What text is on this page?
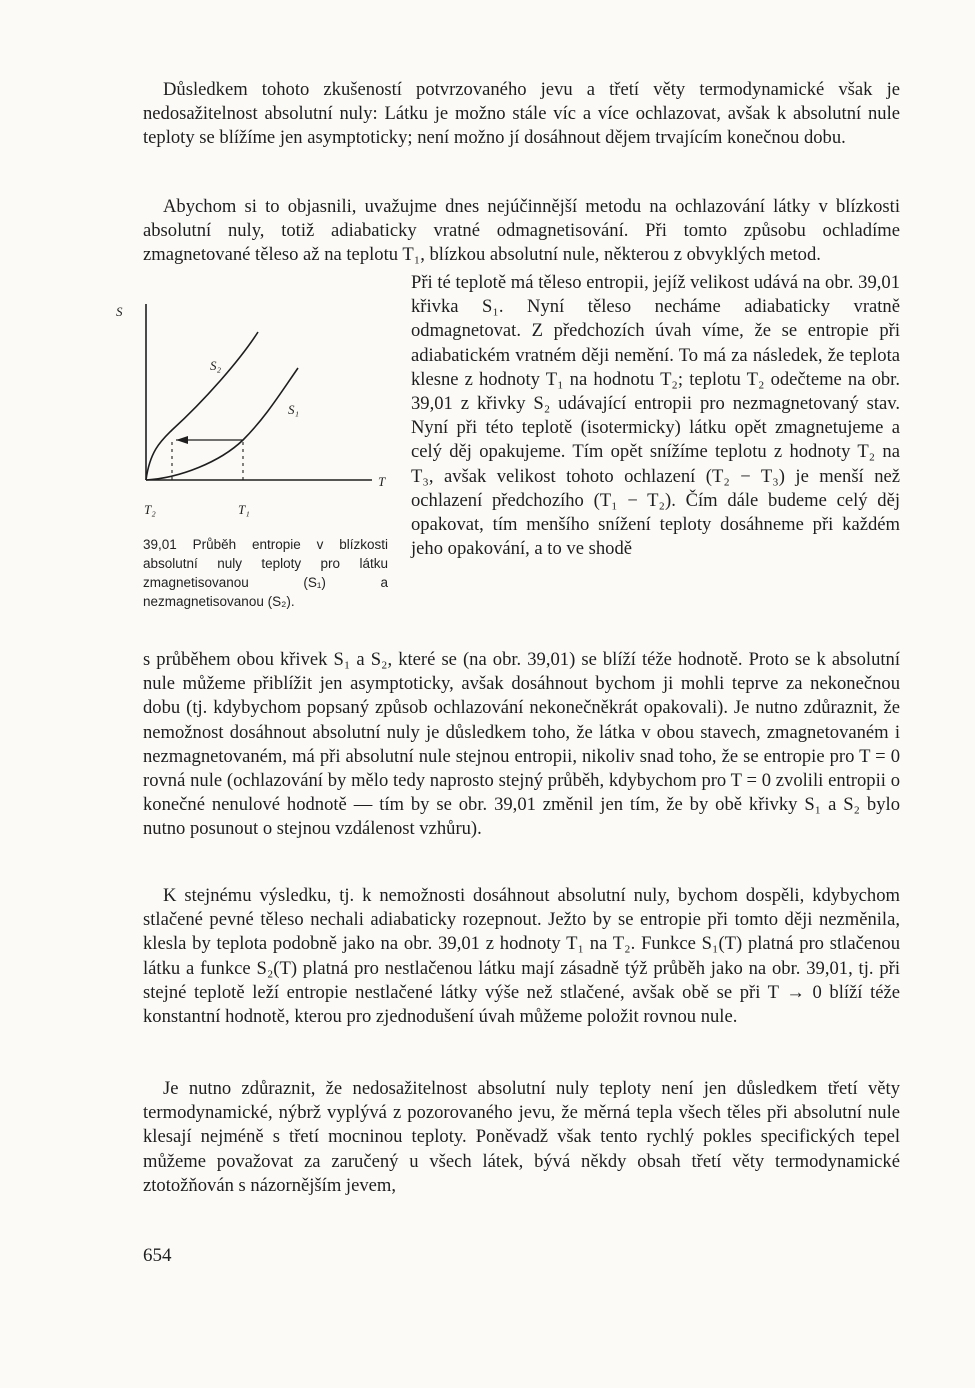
Důsledkem tohoto zkušeností potvrzovaného jevu a třetí věty termodynamické však je nedosažitelnost absolutní nuly: Látku je možno stále víc a více ochlazovat, avšak k absolutní nule teploty se blížíme jen asymptoticky; není možno jí dosáhnout dějem trvajícím konečnou dobu.

Abychom si to objasnili, uvažujme dnes nejúčinnější metodu na ochlazování látky v blízkosti absolutní nuly, totiž adiabaticky vratné odmagnetisování. Při tomto způsobu ochladíme zmagnetované těleso až na teplotu T₁, blízkou absolutní nule, některou z obvyklých metod.

Při té teplotě má těleso entropii, jejíž velikost udává na obr. 39,01 křivka S₁. Nyní těleso necháme adiabaticky vratně odmagnetovat. Z předchozích úvah víme, že se entropie při adiabatickém vratném ději nemění. To má za následek, že teplota klesne z hodnoty T₁ na hodnotu T₂; teplotu T₂ odečteme na obr. 39,01 z křivky S₂ udávající entropii pro nezmagnetovaný stav. Nyní při této teplotě (isotermicky) látku opět zmagnetujeme a celý děj opakujeme. Tím opět snížíme teplotu z hodnoty T₂ na T₃, avšak velikost tohoto ochlazení (T₂ − T₃) je menší než ochlazení předchozího (T₁ − T₂). Čím dále budeme celý děj opakovat, tím menšího snížení teploty dosáhneme při každém jeho opakování, a to ve shodě

s průběhem obou křivek S₁ a S₂, které se (na obr. 39,01) se blíží téže hodnotě. Proto se k absolutní nule můžeme přiblížit jen asymptoticky, avšak dosáhnout bychom ji mohli teprve za nekonečnou dobu (tj. kdybychom popsaný způsob ochlazování nekonečněkrát opakovali). Je nutno zdůraznit, že nemožnost dosáhnout absolutní nuly je důsledkem toho, že látka v obou stavech, zmagnetovaném i nezmagnetovaném, má při absolutní nule stejnou entropii, nikoliv snad toho, že se entropie pro T = 0 rovná nule (ochlazování by mělo tedy naprosto stejný průběh, kdybychom pro T = 0 zvolili entropii o konečné nenulové hodnotě — tím by se obr. 39,01 změnil jen tím, že by obě křivky S₁ a S₂ bylo nutno posunout o stejnou vzdálenost vzhůru).

S
T
S₂
S₁
T₂	T₁
39,01 Průběh entropie v blízkosti absolutní nuly teploty pro látku zmagnetisovanou (S₁) a nezmagnetisovanou (S₂).

K stejnému výsledku, tj. k nemožnosti dosáhnout absolutní nuly, bychom dospěli, kdybychom stlačené pevné těleso nechali adiabaticky rozepnout. Ježto by se entropie při tomto ději nezměnila, klesla by teplota podobně jako na obr. 39,01 z hodnoty T₁ na T₂. Funkce S₁(T) platná pro stlačenou látku a funkce S₂(T) platná pro nestlačenou látku mají zásadně týž průběh jako na obr. 39,01, tj. při stejné teplotě leží entropie nestlačené látky výše než stlačené, avšak obě se při T → 0 blíží téže konstantní hodnotě, kterou pro zjednodušení úvah můžeme položit rovnou nule.

Je nutno zdůraznit, že nedosažitelnost absolutní nuly teploty není jen důsledkem třetí věty termodynamické, nýbrž vyplývá z pozorovaného jevu, že měrná tepla všech těles při absolutní nule klesají nejméně s třetí mocninou teploty. Poněvadž však tento rychlý pokles specifických tepel můžeme považovat za zaručený u všech látek, bývá někdy obsah třetí věty termodynamické ztotožňován s názornějším jevem,

654
